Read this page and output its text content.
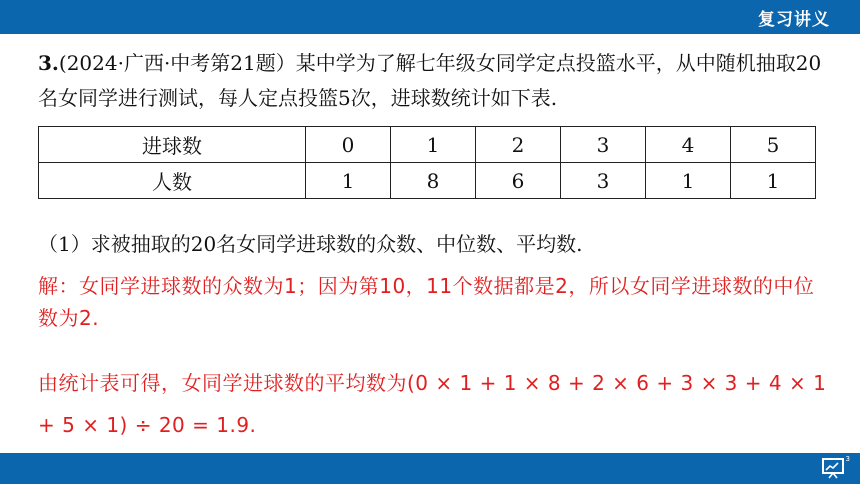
复习讲义
3.(2024·广西·中考第21题）某中学为了解七年级女同学定点投篮水平，从中随机抽取20名女同学进行测试，每人定点投篮5次，进球数统计如下表.
进球数	0	1	2	3	4	5
人数	1	8	6	3	1	1
（1）求被抽取的20名女同学进球数的众数、中位数、平均数.
解：女同学进球数的众数为1；因为第10，11个数据都是2，所以女同学进球数的中位数为2.
由统计表可得，女同学进球数的平均数为(0 × 1 + 1 × 8 + 2 × 6 + 3 × 3 + 4 × 1 + 5 × 1) ÷ 20 = 1.9.
3
